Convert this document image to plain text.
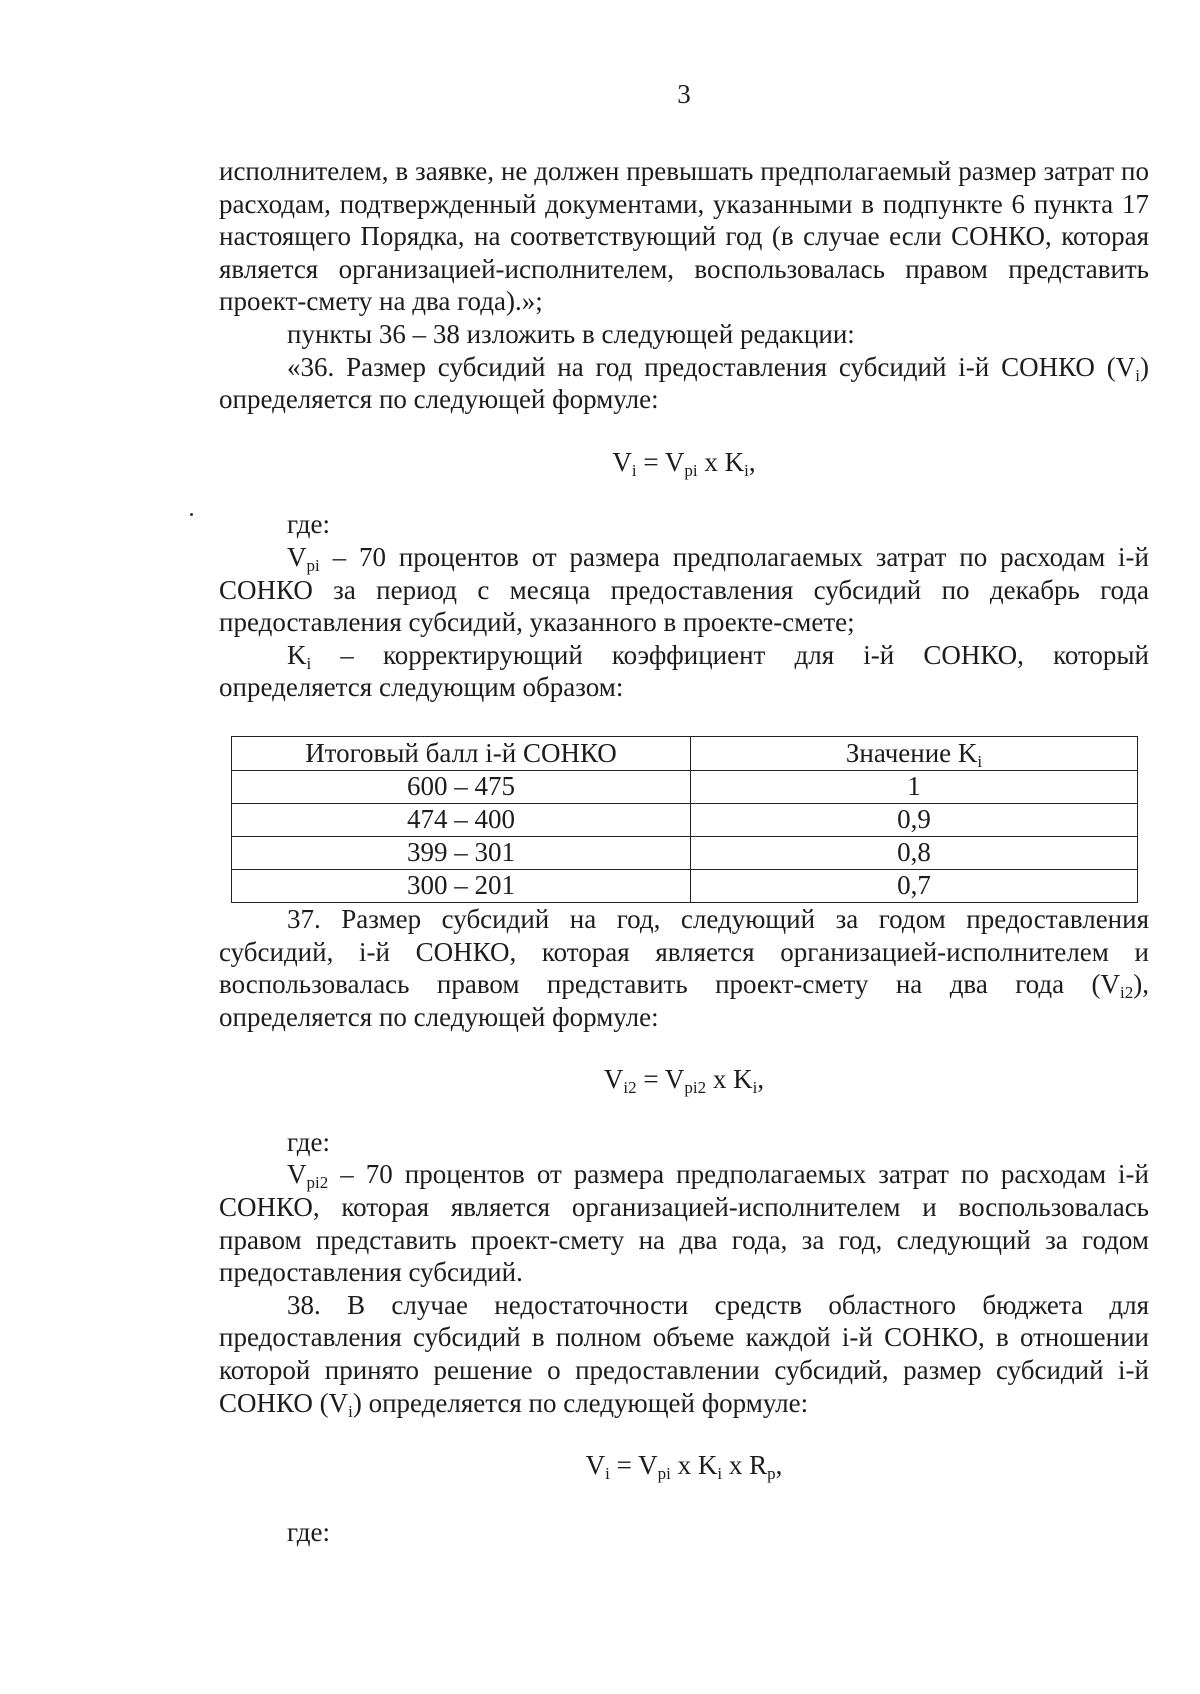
3

исполнителем, в заявке, не должен превышать предполагаемый размер затрат по расходам, подтвержденный документами, указанными в подпункте 6 пункта 17 настоящего Порядка, на соответствующий год (в случае если СОНКО, которая является организацией-исполнителем, воспользовалась правом представить проект-смету на два года).»;

пункты 36 – 38 изложить в следующей редакции:

«36. Размер субсидий на год предоставления субсидий i-й СОНКО $(V_i)$ определяется по следующей формуле:

$V_i = V_{pi}$ x $K_i$,

где:

$V_{pi} - 70$ процентов от размера предполагаемых затрат по расходам i-й СОНКО за период с месяца предоставления субсидий по декабрь года предоставления субсидий, указанного в проекте-смете;

$K_i$ – корректирующий коэффициент для i-й СОНКО, который определяется следующим образом:

Итоговый балл i-й СОНКО	Значение $K_i$
600 – 475	1
474 – 400	0,9
399 – 301	0,8
300 – 201	0,7

37. Размер субсидий на год, следующий за годом предоставления субсидий, i-й СОНКО, которая является организацией-исполнителем и воспользовалась правом представить проект-смету на два года $(V_{i2})$, определяется по следующей формуле:

$V_{i2} = V_{pi2}$ x $K_i$,

где:

$V_{pi2} - 70$ процентов от размера предполагаемых затрат по расходам i-й СОНКО, которая является организацией-исполнителем и воспользовалась правом представить проект-смету на два года, за год, следующий за годом предоставления субсидий.

38. В случае недостаточности средств областного бюджета для предоставления субсидий в полном объеме каждой i-й СОНКО, в отношении которой принято решение о предоставлении субсидий, размер субсидий i-й СОНКО $(V_i)$ определяется по следующей формуле:

$V_i = V_{pi}$ x $K_i$ x $R_p$,

где:
